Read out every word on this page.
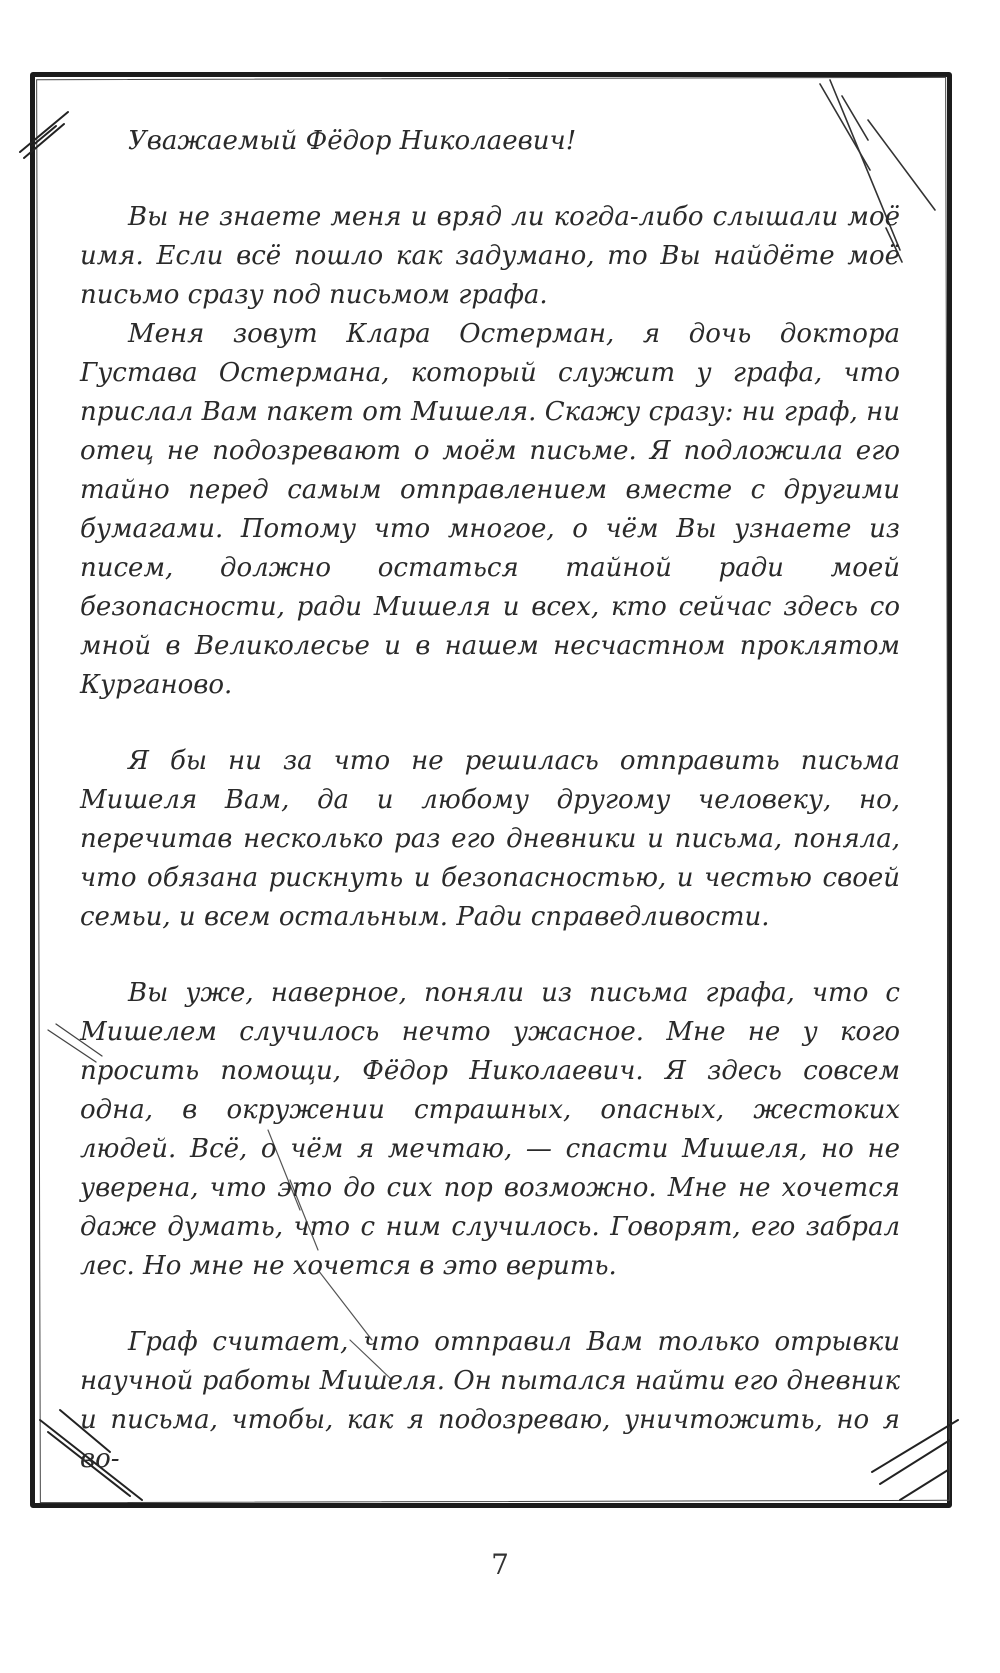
Уважаемый Фёдор Николаевич!

Вы не знаете меня и вряд ли когда-либо слышали моё имя. Если всё пошло как задумано, то Вы найдёте моё письмо сразу под письмом графа.

Меня зовут Клара Остерман, я дочь доктора Густава Остермана, который служит у графа, что прислал Вам пакет от Мишеля. Скажу сразу: ни граф, ни отец не подозревают о моём письме. Я подложила его тайно перед самым отправлением вместе с другими бумагами. Потому что многое, о чём Вы узнаете из писем, должно остаться тайной ради моей безопасности, ради Мишеля и всех, кто сейчас здесь со мной в Великолесье и в нашем несчастном проклятом Курганово.

Я бы ни за что не решилась отправить письма Мишеля Вам, да и любому другому человеку, но, перечитав несколько раз его дневники и письма, поняла, что обязана рискнуть и безопасностью, и честью своей семьи, и всем остальным. Ради справедливости.

Вы уже, наверное, поняли из письма графа, что с Мишелем случилось нечто ужасное. Мне не у кого просить помощи, Фёдор Николаевич. Я здесь совсем одна, в окружении страшных, опасных, жестоких людей. Всё, о чём я мечтаю, — спасти Мишеля, но не уверена, что это до сих пор возможно. Мне не хочется даже думать, что с ним случилось. Говорят, его забрал лес. Но мне не хочется в это верить.

Граф считает, что отправил Вам только отрывки научной работы Мишеля. Он пытался найти его дневник и письма, чтобы, как я подозреваю, уничтожить, но я во-

7
